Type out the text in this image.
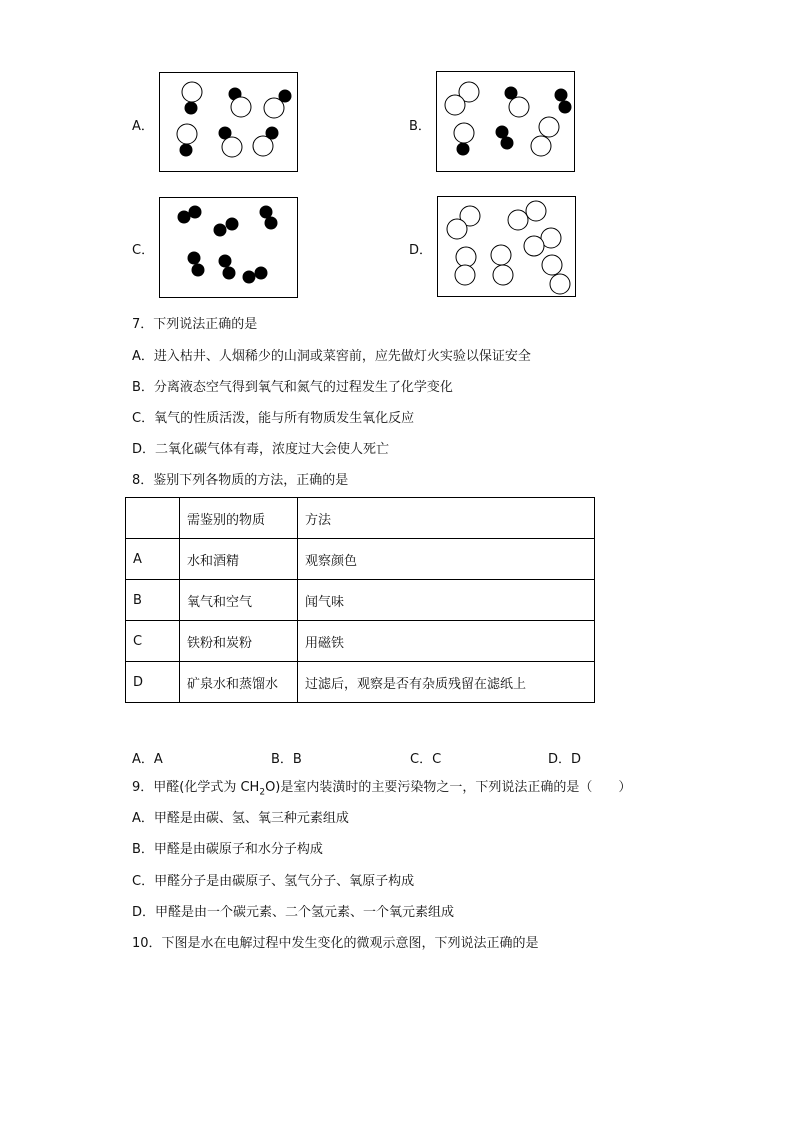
A．	B．
C．	D．
7．下列说法正确的是
A．进入枯井、人烟稀少的山洞或菜窖前，应先做灯火实验以保证安全
B．分离液态空气得到氧气和氮气的过程发生了化学变化
C．氧气的性质活泼，能与所有物质发生氧化反应
D．二氧化碳气体有毒，浓度过大会使人死亡
8．鉴别下列各物质的方法，正确的是
	需鉴别的物质	方法
A	水和酒精	观察颜色
B	氧气和空气	闻气味
C	铁粉和炭粉	用磁铁
D	矿泉水和蒸馏水	过滤后，观察是否有杂质残留在滤纸上
A．A	B．B	C．C	D．D
9．甲醛(化学式为 $CH_2O$)是室内装潢时的主要污染物之一，下列说法正确的是（　　）
A．甲醛是由碳、氢、氧三种元素组成
B．甲醛是由碳原子和水分子构成
C．甲醛分子是由碳原子、氢气分子、氧原子构成
D．甲醛是由一个碳元素、二个氢元素、一个氧元素组成
10．下图是水在电解过程中发生变化的微观示意图，下列说法正确的是
